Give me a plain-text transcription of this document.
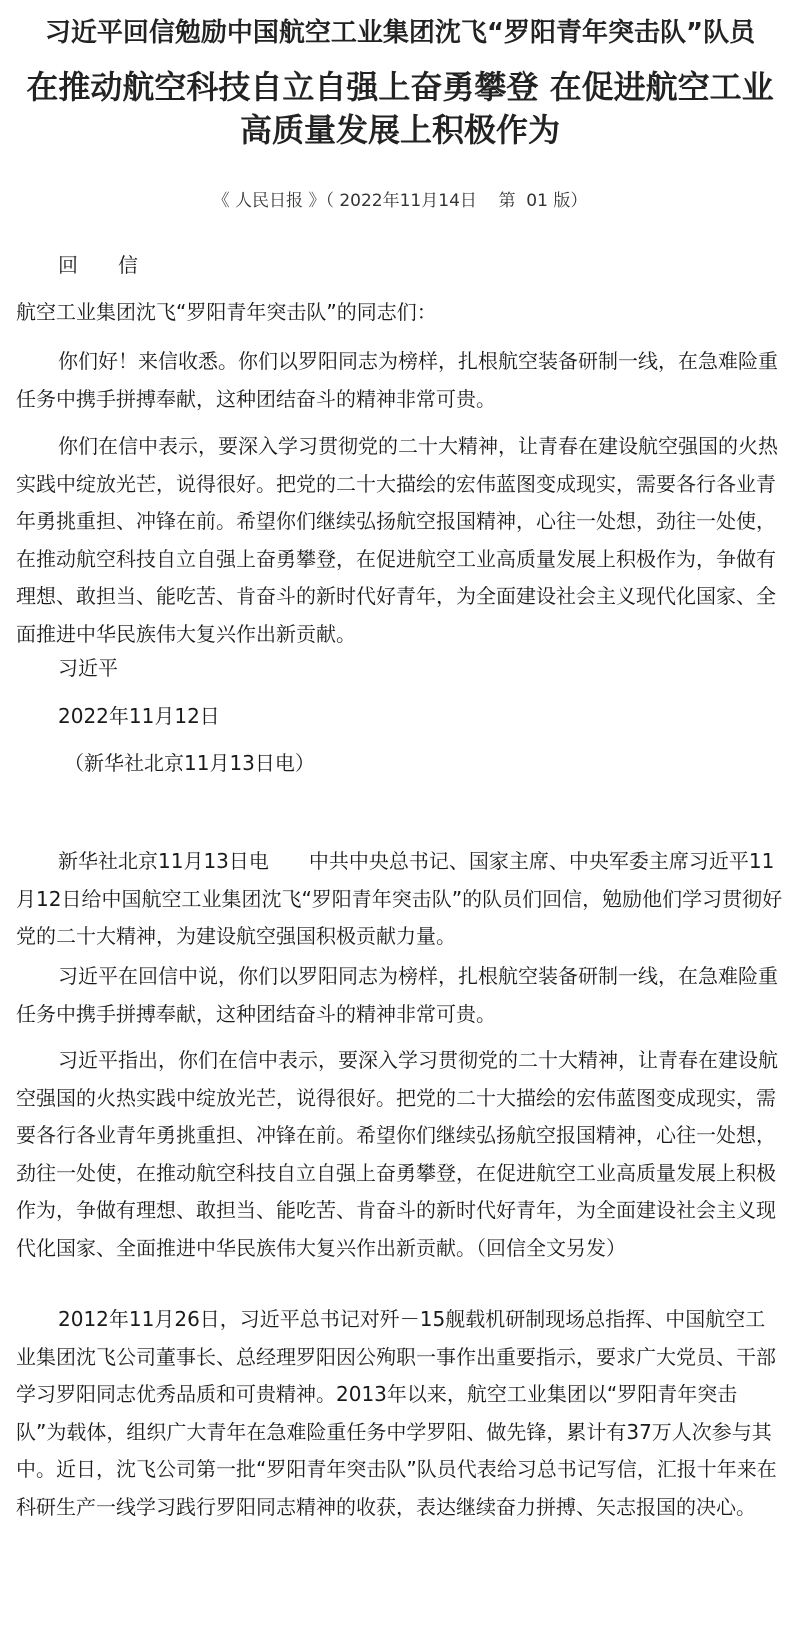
习近平回信勉励中国航空工业集团沈飞“罗阳青年突击队”队员
在推动航空科技自立自强上奋勇攀登 在促进航空工业高质量发展上积极作为
《 人民日报 》（ 2022年11月14日    第  01 版）
回　　信
航空工业集团沈飞“罗阳青年突击队”的同志们：
你们好！来信收悉。你们以罗阳同志为榜样，扎根航空装备研制一线，在急难险重任务中携手拼搏奉献，这种团结奋斗的精神非常可贵。
你们在信中表示，要深入学习贯彻党的二十大精神，让青春在建设航空强国的火热实践中绽放光芒，说得很好。把党的二十大描绘的宏伟蓝图变成现实，需要各行各业青年勇挑重担、冲锋在前。希望你们继续弘扬航空报国精神，心往一处想，劲往一处使，在推动航空科技自立自强上奋勇攀登，在促进航空工业高质量发展上积极作为，争做有理想、敢担当、能吃苦、肯奋斗的新时代好青年，为全面建设社会主义现代化国家、全面推进中华民族伟大复兴作出新贡献。
习近平
2022年11月12日
（新华社北京11月13日电）
新华社北京11月13日电　　中共中央总书记、国家主席、中央军委主席习近平11月12日给中国航空工业集团沈飞“罗阳青年突击队”的队员们回信，勉励他们学习贯彻好党的二十大精神，为建设航空强国积极贡献力量。
习近平在回信中说，你们以罗阳同志为榜样，扎根航空装备研制一线，在急难险重任务中携手拼搏奉献，这种团结奋斗的精神非常可贵。
习近平指出，你们在信中表示，要深入学习贯彻党的二十大精神，让青春在建设航空强国的火热实践中绽放光芒，说得很好。把党的二十大描绘的宏伟蓝图变成现实，需要各行各业青年勇挑重担、冲锋在前。希望你们继续弘扬航空报国精神，心往一处想，劲往一处使，在推动航空科技自立自强上奋勇攀登，在促进航空工业高质量发展上积极作为，争做有理想、敢担当、能吃苦、肯奋斗的新时代好青年，为全面建设社会主义现代化国家、全面推进中华民族伟大复兴作出新贡献。（回信全文另发）
2012年11月26日，习近平总书记对歼－15舰载机研制现场总指挥、中国航空工业集团沈飞公司董事长、总经理罗阳因公殉职一事作出重要指示，要求广大党员、干部学习罗阳同志优秀品质和可贵精神。2013年以来，航空工业集团以“罗阳青年突击队”为载体，组织广大青年在急难险重任务中学罗阳、做先锋，累计有37万人次参与其中。近日，沈飞公司第一批“罗阳青年突击队”队员代表给习总书记写信，汇报十年来在科研生产一线学习践行罗阳同志精神的收获，表达继续奋力拼搏、矢志报国的决心。
